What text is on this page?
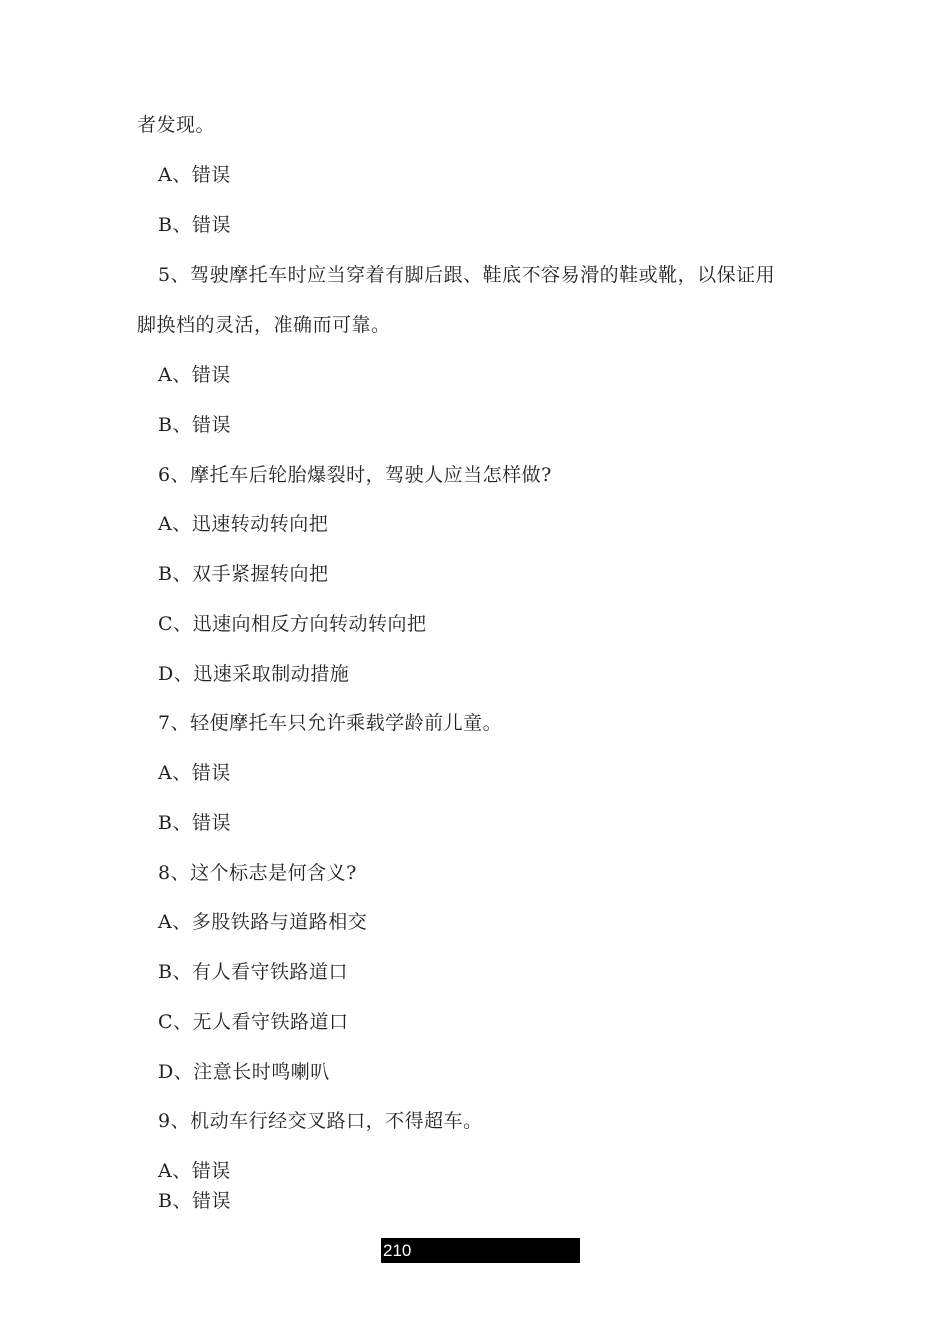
者发现。
A、错误
B、错误
5、驾驶摩托车时应当穿着有脚后跟、鞋底不容易滑的鞋或靴，以保证用
脚换档的灵活，准确而可靠。
A、错误
B、错误
6、摩托车后轮胎爆裂时，驾驶人应当怎样做?
A、迅速转动转向把
B、双手紧握转向把
C、迅速向相反方向转动转向把
D、迅速采取制动措施
7、轻便摩托车只允许乘载学龄前儿童。
A、错误
B、错误
8、这个标志是何含义?
A、多股铁路与道路相交
B、有人看守铁路道口
C、无人看守铁路道口
D、注意长时鸣喇叭
9、机动车行经交叉路口，不得超车。
A、错误
B、错误
210
